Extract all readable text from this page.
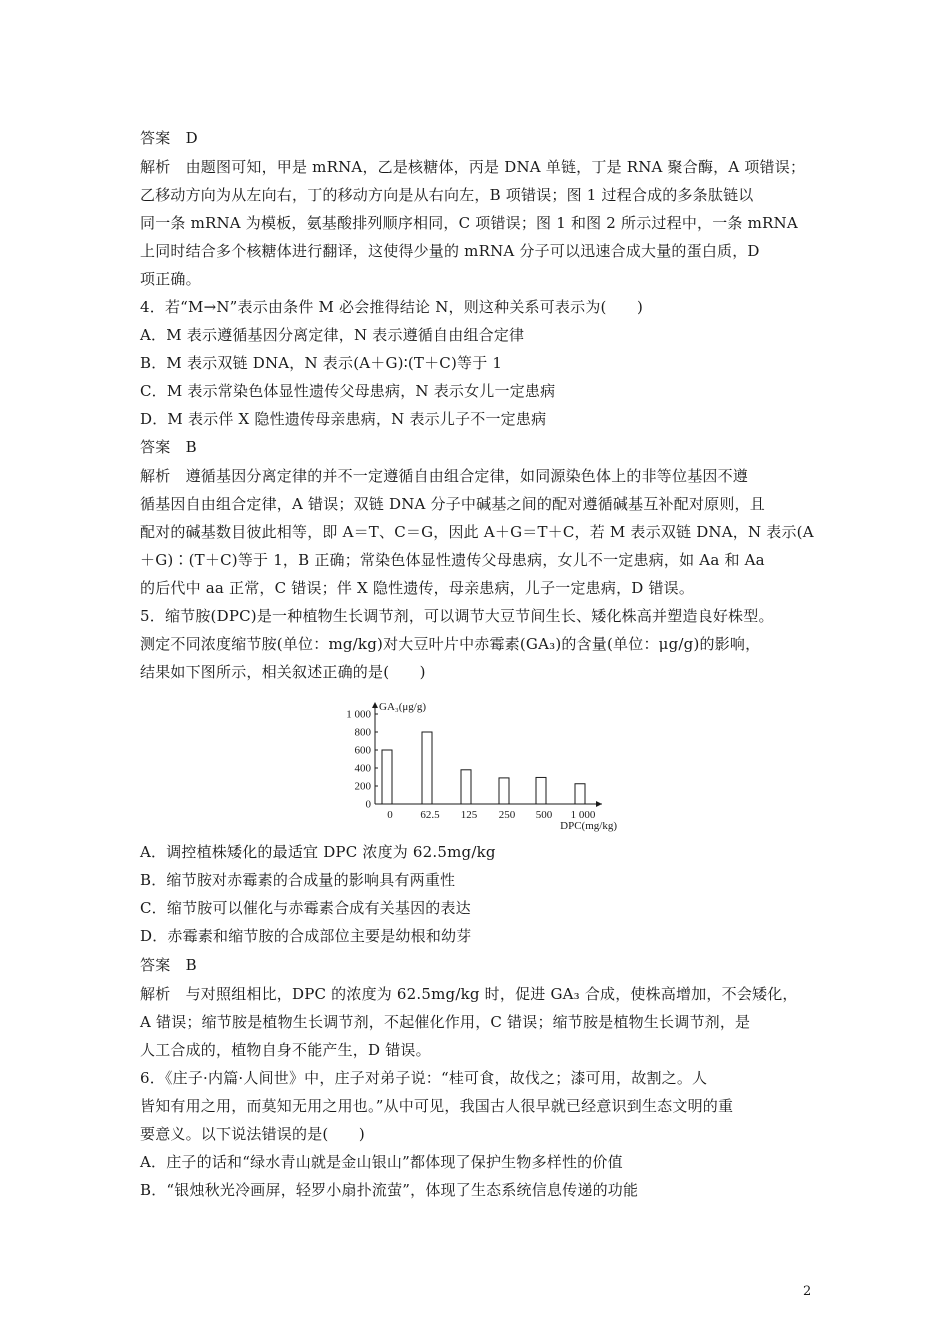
答案　D
解析　由题图可知，甲是 mRNA，乙是核糖体，丙是 DNA 单链，丁是 RNA 聚合酶，A 项错误；
乙移动方向为从左向右，丁的移动方向是从右向左，B 项错误；图 1 过程合成的多条肽链以
同一条 mRNA 为模板，氨基酸排列顺序相同，C 项错误；图 1 和图 2 所示过程中，一条 mRNA
上同时结合多个核糖体进行翻译，这使得少量的 mRNA 分子可以迅速合成大量的蛋白质，D
项正确。
4．若“M→N”表示由条件 M 必会推得结论 N，则这种关系可表示为(　　)
A．M 表示遵循基因分离定律，N 表示遵循自由组合定律
B．M 表示双链 DNA，N 表示(A＋G)∶(T＋C)等于 1
C．M 表示常染色体显性遗传父母患病，N 表示女儿一定患病
D．M 表示伴 X 隐性遗传母亲患病，N 表示儿子不一定患病
答案　B
解析　遵循基因分离定律的并不一定遵循自由组合定律，如同源染色体上的非等位基因不遵
循基因自由组合定律，A 错误；双链 DNA 分子中碱基之间的配对遵循碱基互补配对原则，且
配对的碱基数目彼此相等，即 A＝T、C＝G，因此 A＋G＝T＋C，若 M 表示双链 DNA，N 表示(A
＋G)∶(T＋C)等于 1，B 正确；常染色体显性遗传父母患病，女儿不一定患病，如 Aa 和 Aa
的后代中 aa 正常，C 错误；伴 X 隐性遗传，母亲患病，儿子一定患病，D 错误。
5．缩节胺(DPC)是一种植物生长调节剂，可以调节大豆节间生长、矮化株高并塑造良好株型。
测定不同浓度缩节胺(单位：mg/kg)对大豆叶片中赤霉素(GA₃)的含量(单位：μg/g)的影响，
结果如下图所示，相关叙述正确的是(　　)
1 000
800
600
400
200
0
GA₃(μg/g)
0	62.5 125 250 500 1 000
DPC(mg/kg)
A．调控植株矮化的最适宜 DPC 浓度为 62.5mg/kg
B．缩节胺对赤霉素的合成量的影响具有两重性
C．缩节胺可以催化与赤霉素合成有关基因的表达
D．赤霉素和缩节胺的合成部位主要是幼根和幼芽
答案　B
解析　与对照组相比，DPC 的浓度为 62.5mg/kg 时，促进 GA₃ 合成，使株高增加，不会矮化，
A 错误；缩节胺是植物生长调节剂，不起催化作用，C 错误；缩节胺是植物生长调节剂，是
人工合成的，植物自身不能产生，D 错误。
6．《庄子·内篇·人间世》中，庄子对弟子说：“桂可食，故伐之；漆可用，故割之。人
皆知有用之用，而莫知无用之用也。”从中可见，我国古人很早就已经意识到生态文明的重
要意义。以下说法错误的是(　　)
A．庄子的话和“绿水青山就是金山银山”都体现了保护生物多样性的价值
B．“银烛秋光冷画屏，轻罗小扇扑流萤”，体现了生态系统信息传递的功能
2
